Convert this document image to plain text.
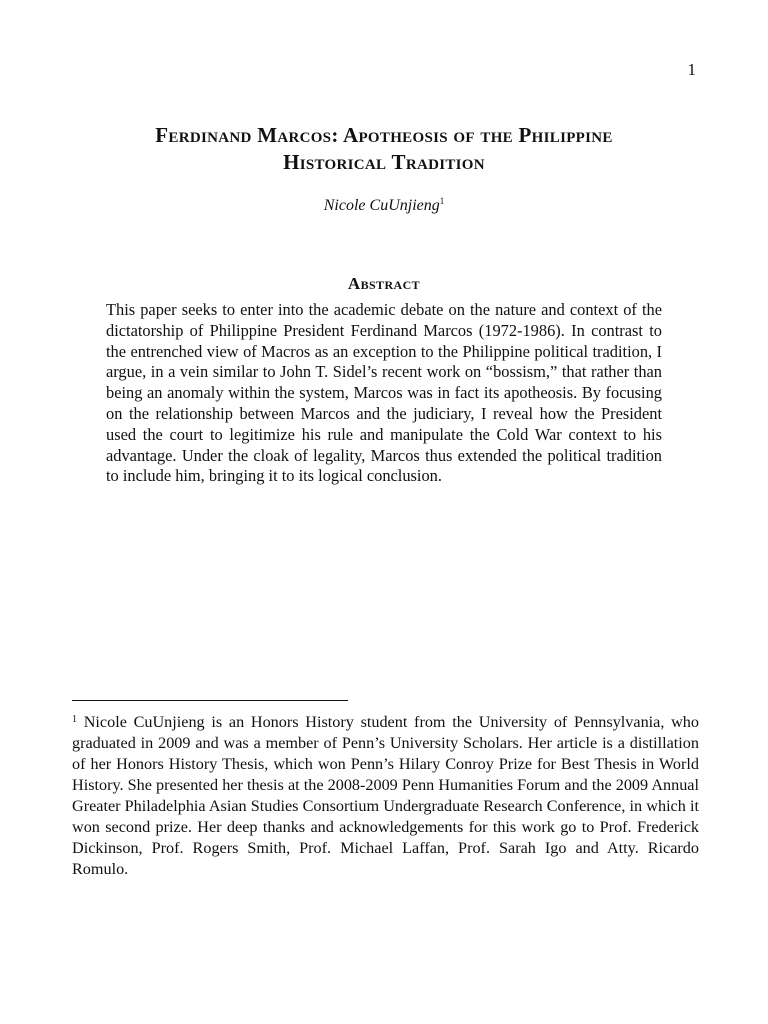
1
Ferdinand Marcos: Apotheosis of the Philippine
Historical Tradition
Nicole CuUnjieng$^1$
Abstract

This paper seeks to enter into the academic debate on the nature and context of the dictatorship of Philippine President Ferdinand Marcos (1972-1986). In contrast to the entrenched view of Macros as an exception to the Philippine political tradition, I argue, in a vein similar to John T. Sidel’s recent work on “bossism,” that rather than being an anomaly within the system, Marcos was in fact its apotheosis. By focusing on the relationship between Marcos and the judiciary, I reveal how the President used the court to legitimize his rule and manipulate the Cold War context to his advantage. Under the cloak of legality, Marcos thus extended the political tradition to include him, bringing it to its logical conclusion.

$^1$ Nicole CuUnjieng is an Honors History student from the University of Pennsylvania, who graduated in 2009 and was a member of Penn’s University Scholars. Her article is a distillation of her Honors History Thesis, which won Penn’s Hilary Conroy Prize for Best Thesis in World History. She presented her thesis at the 2008-2009 Penn Humanities Forum and the 2009 Annual Greater Philadelphia Asian Studies Consortium Undergraduate Research Conference, in which it won second prize. Her deep thanks and acknowledgements for this work go to Prof. Frederick Dickinson, Prof. Rogers Smith, Prof. Michael Laffan, Prof. Sarah Igo and Atty. Ricardo Romulo.
